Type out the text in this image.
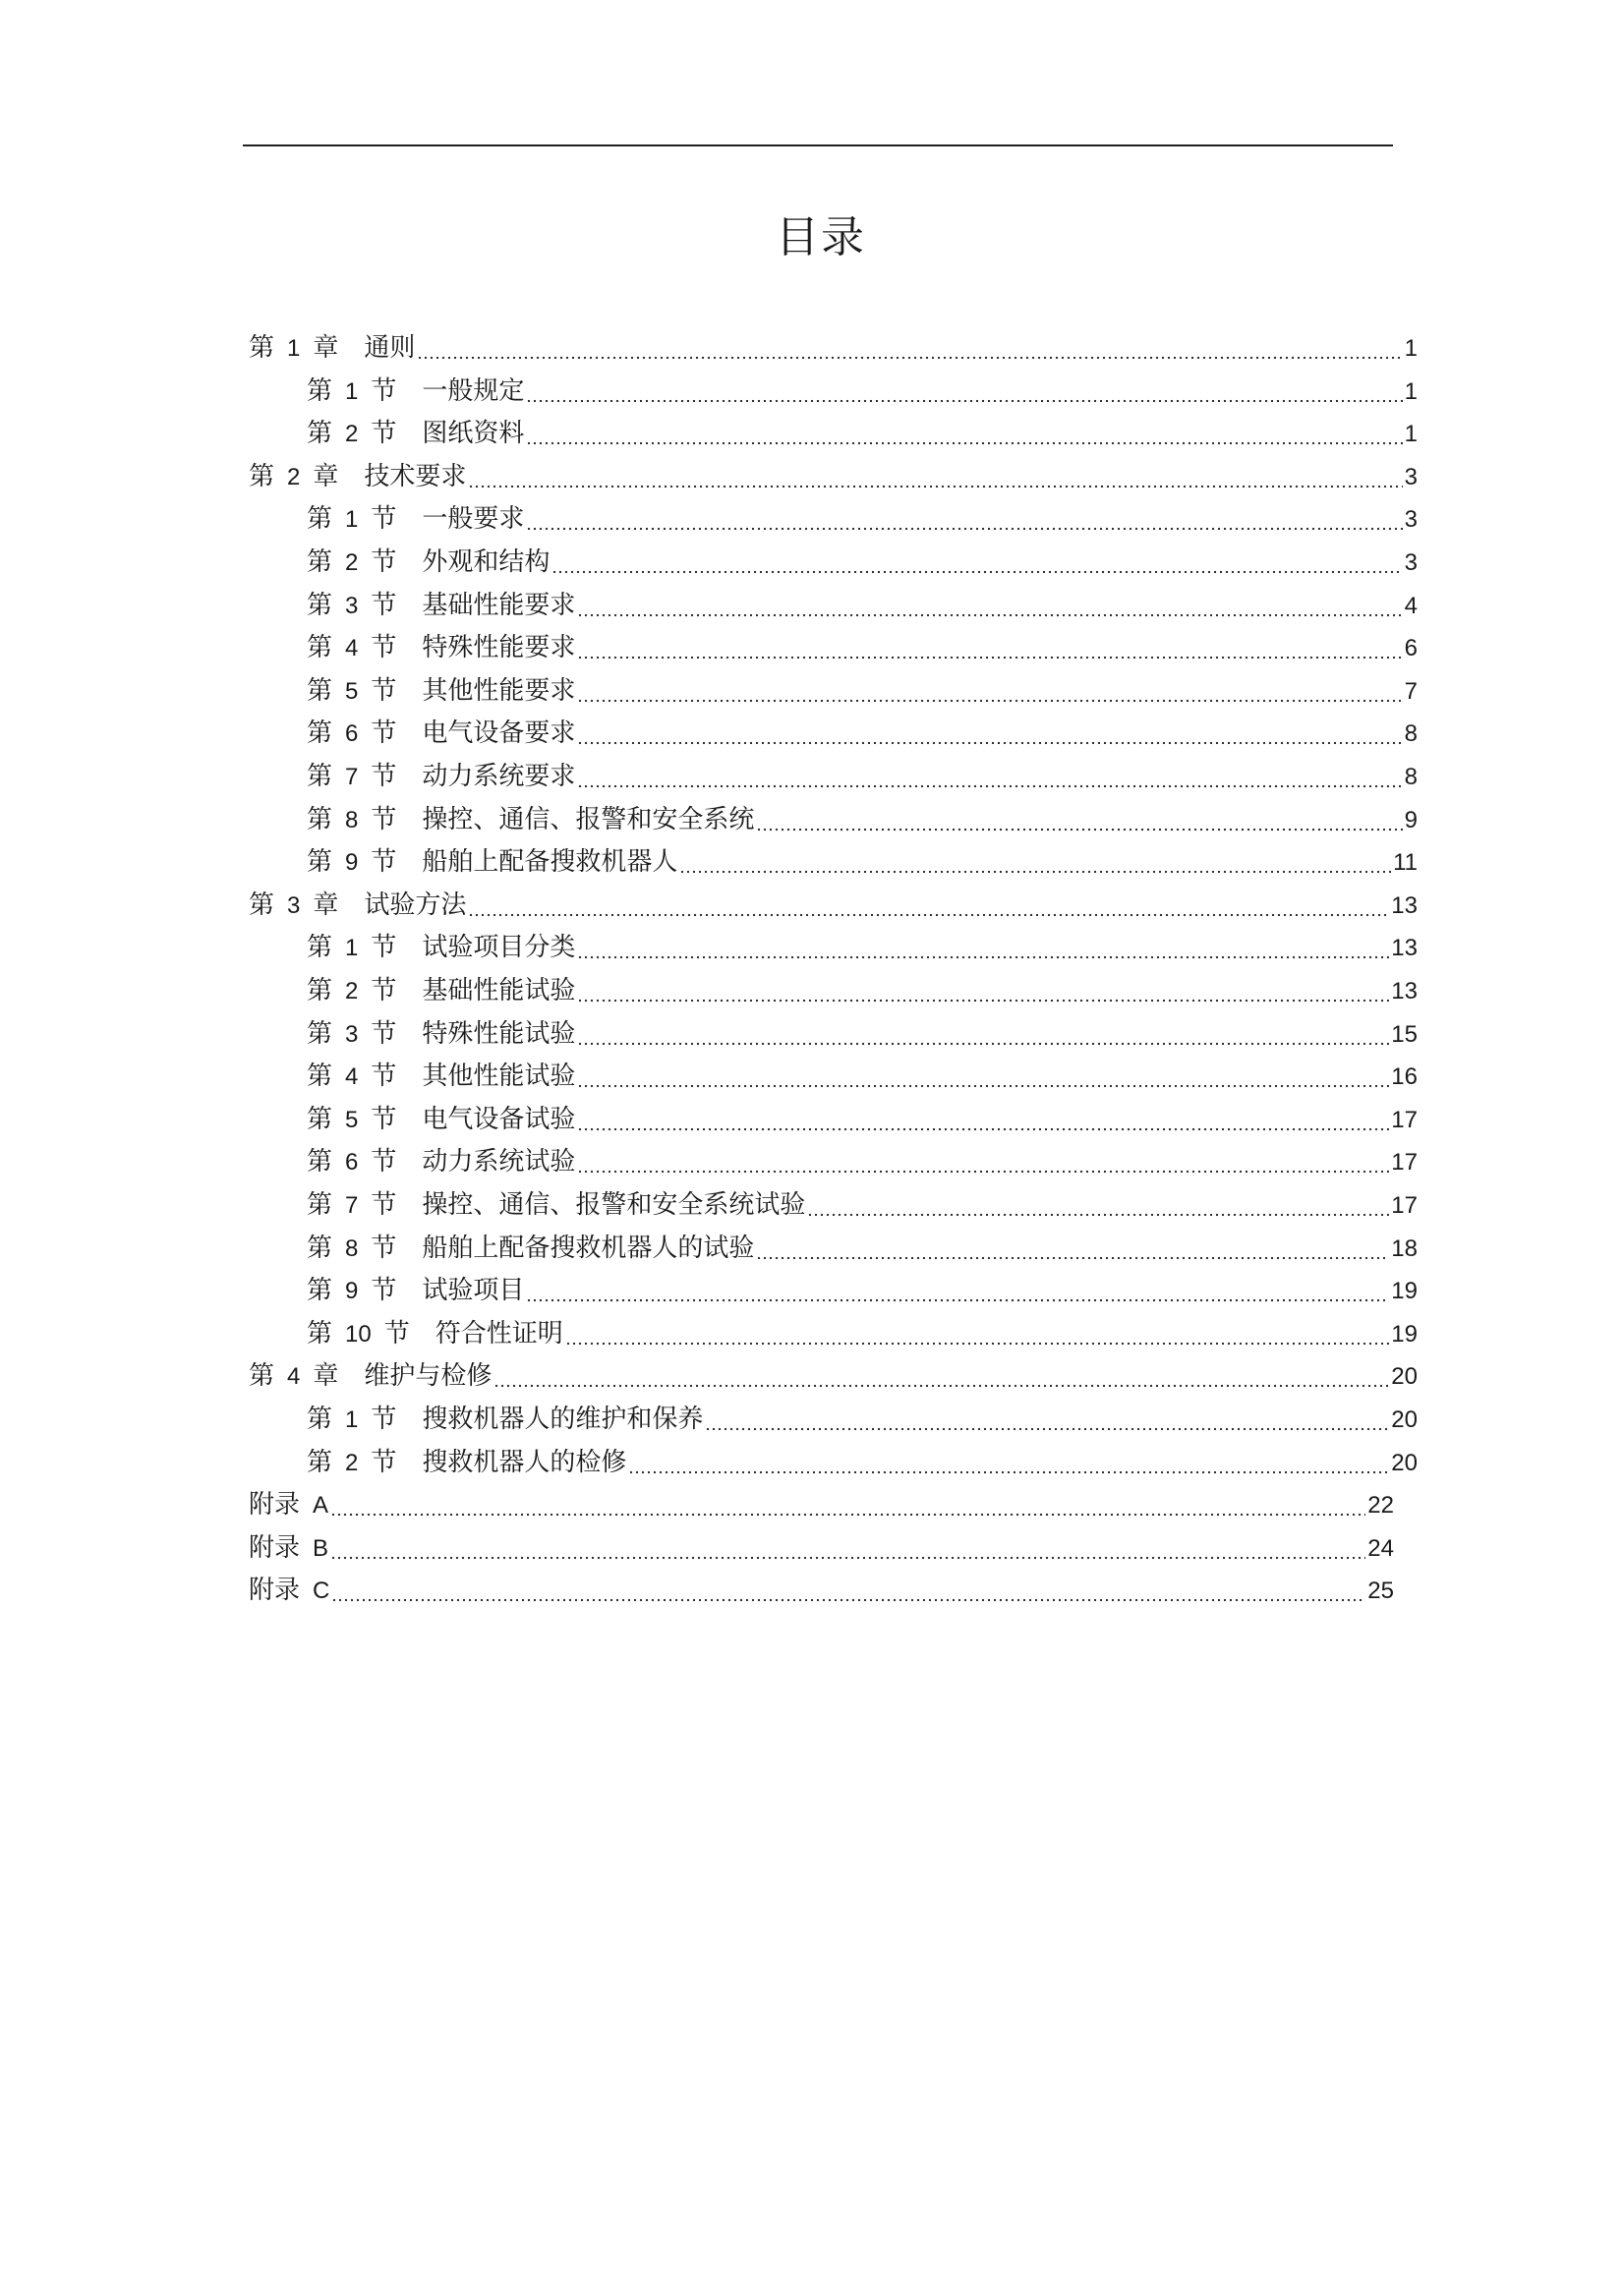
目录
第  1  章  通则	1
第  1  节  一般规定	1
第  2  节  图纸资料	1
第  2  章  技术要求	3
第  1  节  一般要求	3
第  2  节  外观和结构	3
第  3  节  基础性能要求	4
第  4  节  特殊性能要求	6
第  5  节  其他性能要求	7
第  6  节  电气设备要求	8
第  7  节  动力系统要求	8
第  8  节  操控、通信、报警和安全系统	9
第  9  节  船舶上配备搜救机器人	11
第  3  章  试验方法	13
第  1  节  试验项目分类	13
第  2  节  基础性能试验	13
第  3  节  特殊性能试验	15
第  4  节  其他性能试验	16
第  5  节  电气设备试验	17
第  6  节  动力系统试验	17
第  7  节  操控、通信、报警和安全系统试验	17
第  8  节  船舶上配备搜救机器人的试验	18
第  9  节  试验项目	19
第  10  节  符合性证明	19
第  4  章  维护与检修	20
第  1  节  搜救机器人的维护和保养	20
第  2  节  搜救机器人的检修	20
附录  A	22
附录  B	24
附录  C	25
